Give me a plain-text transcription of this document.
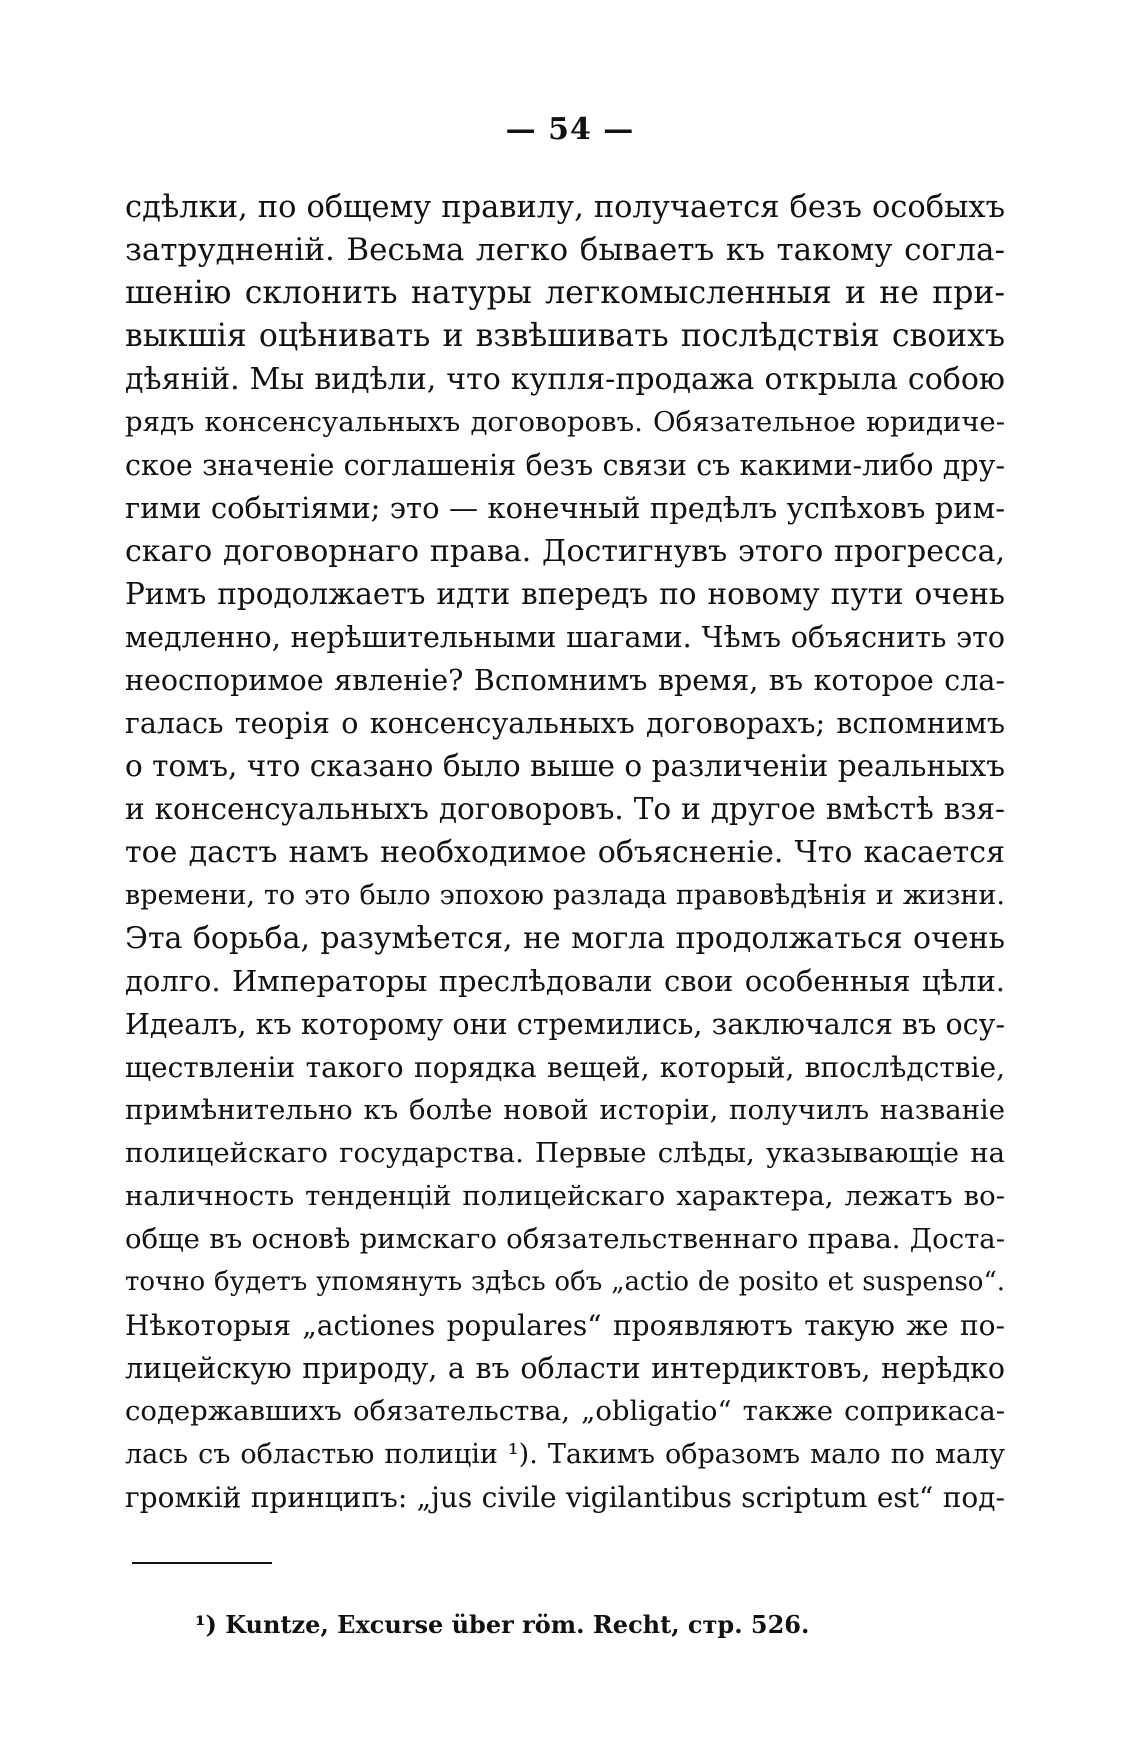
— 54 —
сдѣлки, по общему правилу, получается безъ особыхъ
затрудненій. Весьма легко бываетъ къ такому согла-
шенію склонить натуры легкомысленныя и не при-
выкшія оцѣнивать и взвѣшивать послѣдствія своихъ
дѣяній. Мы видѣли, что купля-продажа открыла собою
рядъ консенсуальныхъ договоровъ. Обязательное юридиче-
ское значеніе соглашенія безъ связи съ какими-либо дру-
гими событіями; это — конечный предѣлъ успѣховъ рим-
скаго договорнаго права. Достигнувъ этого прогресса,
Римъ продолжаетъ идти впередъ по новому пути очень
медленно, нерѣшительными шагами. Чѣмъ объяснить это
неоспоримое явленіе? Вспомнимъ время, въ которое сла-
галась теорія о консенсуальныхъ договорахъ; вспомнимъ
о томъ, что сказано было выше о различеніи реальныхъ
и консенсуальныхъ договоровъ. То и другое вмѣстѣ взя-
тое дастъ намъ необходимое объясненіе. Что касается
времени, то это было эпохою разлада правовѣдѣнія и жизни.
Эта борьба, разумѣется, не могла продолжаться очень
долго. Императоры преслѣдовали свои особенныя цѣли.
Идеалъ, къ которому они стремились, заключался въ осу-
ществленіи такого порядка вещей, который, впослѣдствіе,
примѣнительно къ болѣе новой исторіи, получилъ названіе
полицейскаго государства. Первые слѣды, указывающіе на
наличность тенденцій полицейскаго характера, лежатъ во-
обще въ основѣ римскаго обязательственнаго права. Доста-
точно будетъ упомянуть здѣсь объ „actio de posito et suspenso“.
Нѣкоторыя „actiones populares“ проявляютъ такую же по-
лицейскую природу, а въ области интердиктовъ, нерѣдко
содержавшихъ обязательства, „obligatio“ также соприкаса-
лась съ областью полиціи ¹). Такимъ образомъ мало по малу
громкій принципъ: „jus civile vigilantibus scriptum est“ под-
¹) Kuntze, Excurse über röm. Recht, стр. 526.
